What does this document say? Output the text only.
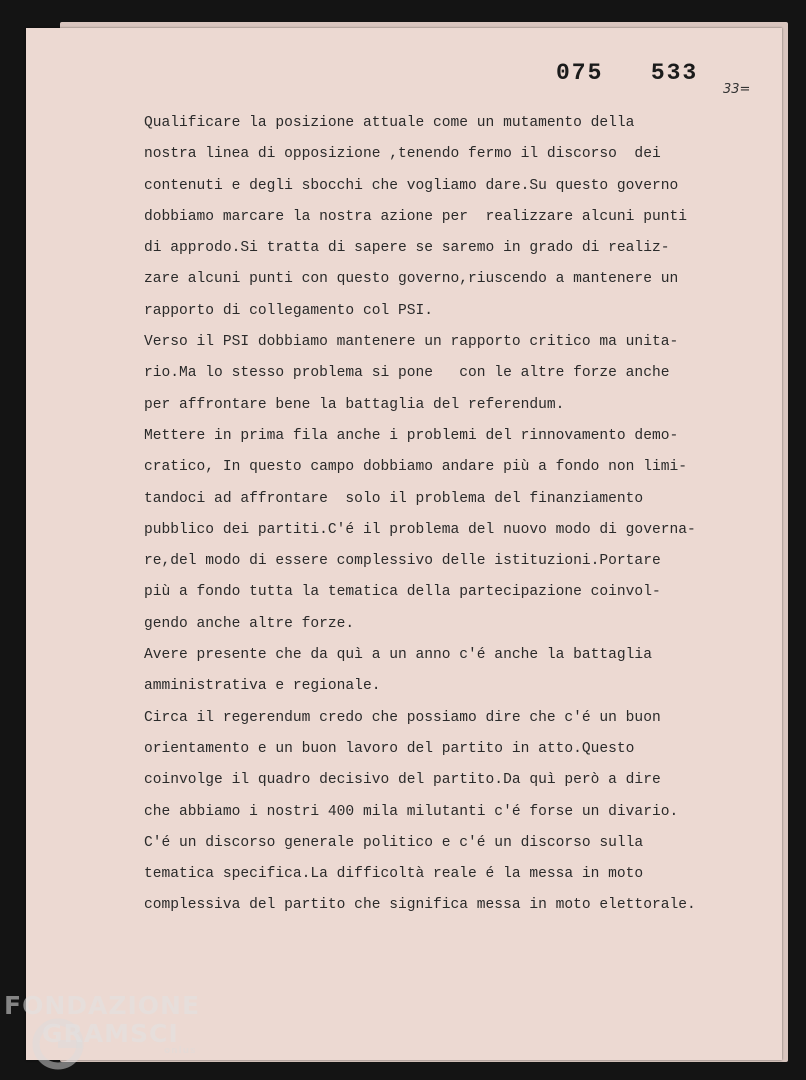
075   533
33=
Qualificare la posizione attuale come un mutamento della
nostra linea di opposizione ,tenendo fermo il discorso  dei
contenuti e degli sbocchi che vogliamo dare.Su questo governo
dobbiamo marcare la nostra azione per  realizzare alcuni punti
di approdo.Si tratta di sapere se saremo in grado di realiz-
zare alcuni punti con questo governo,riuscendo a mantenere un
rapporto di collegamento col PSI.
Verso il PSI dobbiamo mantenere un rapporto critico ma unita-
rio.Ma lo stesso problema si pone   con le altre forze anche
per affrontare bene la battaglia del referendum.
Mettere in prima fila anche i problemi del rinnovamento demo-
cratico, In questo campo dobbiamo andare più a fondo non limi-
tandoci ad affrontare  solo il problema del finanziamento
pubblico dei partiti.C'é il problema del nuovo modo di governa-
re,del modo di essere complessivo delle istituzioni.Portare
più a fondo tutta la tematica della partecipazione coinvol-
gendo anche altre forze.
Avere presente che da quì a un anno c'é anche la battaglia
amministrativa e regionale.
Circa il regerendum credo che possiamo dire che c'é un buon
orientamento e un buon lavoro del partito in atto.Questo
coinvolge il quadro decisivo del partito.Da quì però a dire
che abbiamo i nostri 400 mila milutanti c'é forse un divario.
C'é un discorso generale politico e c'é un discorso sulla
tematica specifica.La difficoltà reale é la messa in moto
complessiva del partito che significa messa in moto elettorale.
FONDAZIONE
GRAMSCI
onlus
